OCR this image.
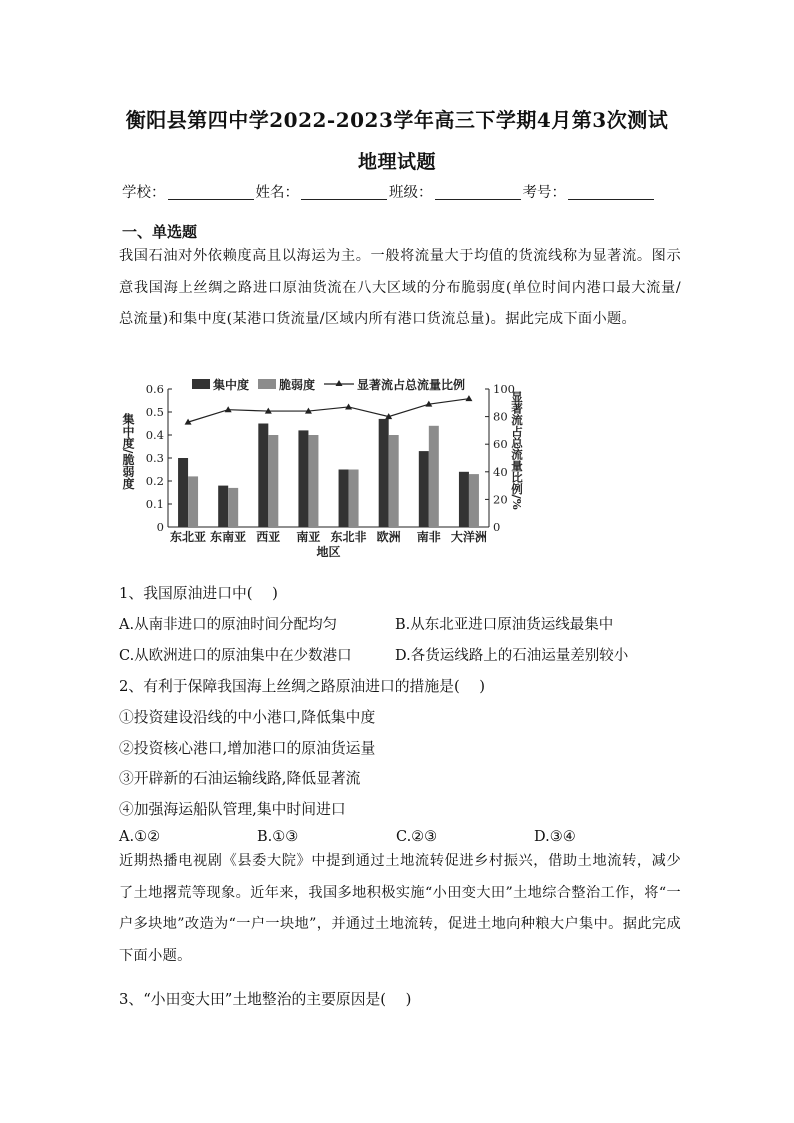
衡阳县第四中学2022-2023学年高三下学期4月第3次测试
地理试题
学校：	姓名：	班级：	考号：
一、单选题
我国石油对外依赖度高且以海运为主。一般将流量大于均值的货流线称为显著流。图示意我国海上丝绸之路进口原油货流在八大区域的分布脆弱度(单位时间内港口最大流量/总流量)和集中度(某港口货流量/区域内所有港口货流总量)。据此完成下面小题。
0
0.1
0.2
0.3
0.4
0.5
0.6
0
20
40
60
80
100
集中度/脆弱度	显著流占总流量比例/%
东北亚 东南亚 西亚 南亚 东北非 欧洲 南非 大洋洲
地区
集中度 脆弱度	显著流占总流量比例
1、我国原油进口中(　 )
A.从南非进口的原油时间分配均匀	B.从东北亚进口原油货运线最集中
C.从欧洲进口的原油集中在少数港口	D.各货运线路上的石油运量差别较小
2、有利于保障我国海上丝绸之路原油进口的措施是(　 )
①投资建设沿线的中小港口,降低集中度
②投资核心港口,增加港口的原油货运量
③开辟新的石油运输线路,降低显著流
④加强海运船队管理,集中时间进口
A.①②	B.①③	C.②③	D.③④
近期热播电视剧《县委大院》中提到通过土地流转促进乡村振兴，借助土地流转，减少了土地撂荒等现象。近年来，我国多地积极实施“小田变大田”土地综合整治工作，将“一户多块地”改造为“一户一块地”，并通过土地流转，促进土地向种粮大户集中。据此完成下面小题。
3、“小田变大田”土地整治的主要原因是(　 )
